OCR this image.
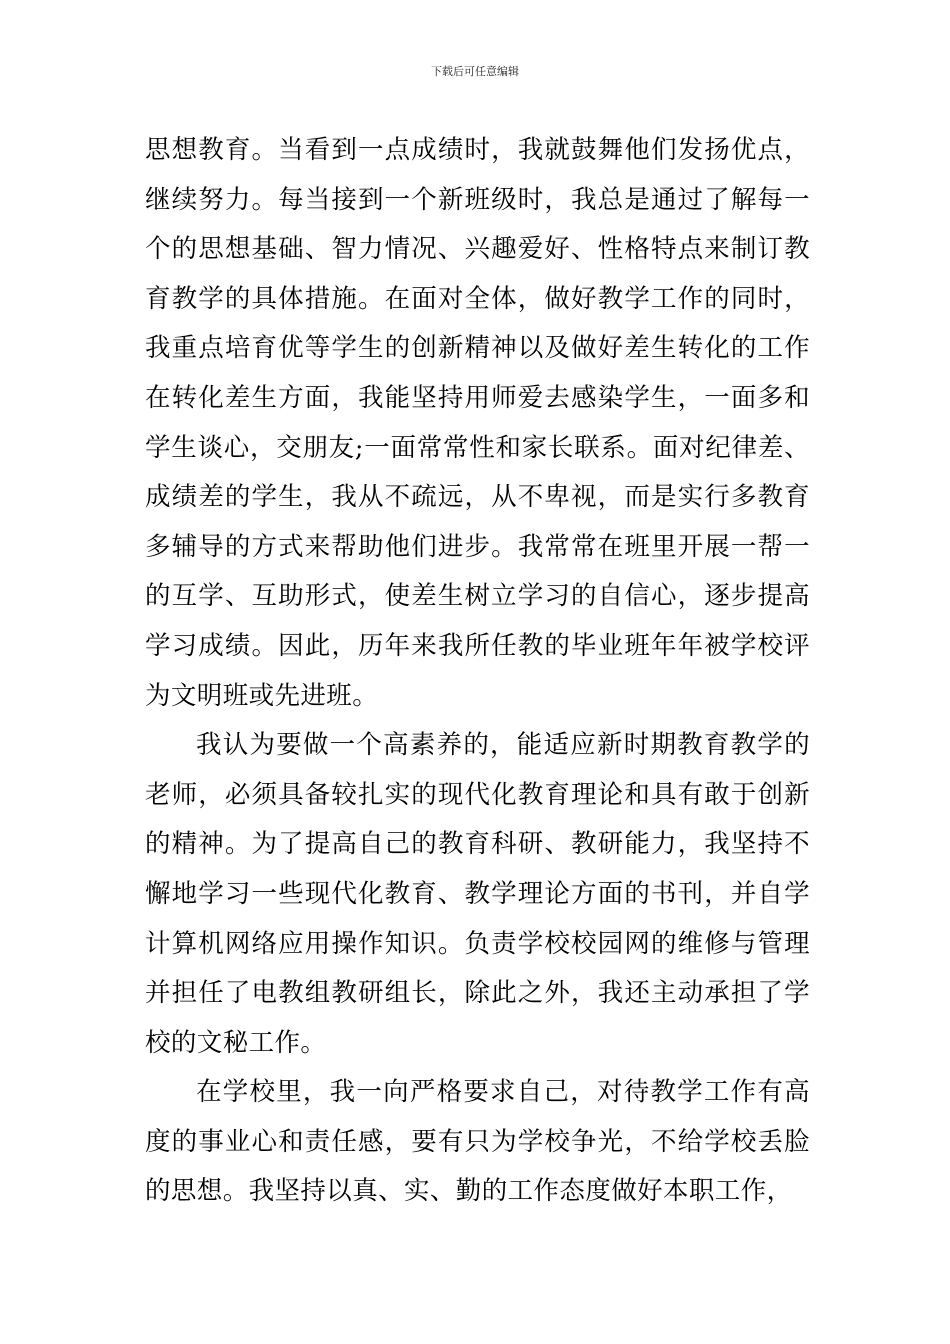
下载后可任意编辑

思想教育。当看到一点成绩时，我就鼓舞他们发扬优点，继续努力。每当接到一个新班级时，我总是通过了解每一个的思想基础、智力情况、兴趣爱好、性格特点来制订教育教学的具体措施。在面对全体，做好教学工作的同时，我重点培育优等学生的创新精神以及做好差生转化的工作在转化差生方面，我能坚持用师爱去感染学生，一面多和学生谈心，交朋友;一面常常性和家长联系。面对纪律差、成绩差的学生，我从不疏远，从不卑视，而是实行多教育多辅导的方式来帮助他们进步。我常常在班里开展一帮一的互学、互助形式，使差生树立学习的自信心，逐步提高学习成绩。因此，历年来我所任教的毕业班年年被学校评为文明班或先进班。

我认为要做一个高素养的，能适应新时期教育教学的老师，必须具备较扎实的现代化教育理论和具有敢于创新的精神。为了提高自己的教育科研、教研能力，我坚持不懈地学习一些现代化教育、教学理论方面的书刊，并自学计算机网络应用操作知识。负责学校校园网的维修与管理并担任了电教组教研组长，除此之外，我还主动承担了学校的文秘工作。

在学校里，我一向严格要求自己，对待教学工作有高度的事业心和责任感，要有只为学校争光，不给学校丢脸的思想。我坚持以真、实、勤的工作态度做好本职工作，
